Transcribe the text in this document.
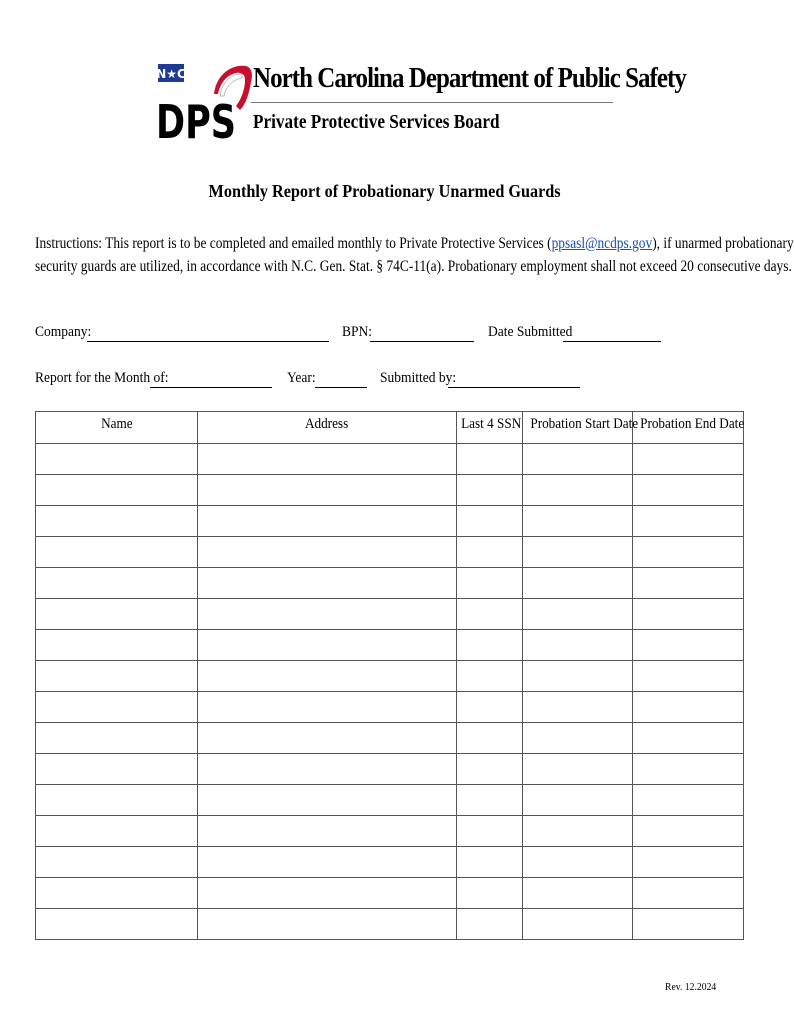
N★C
DPS
North Carolina Department of Public Safety
Private Protective Services Board
Monthly Report of Probationary Unarmed Guards
Instructions: This report is to be completed and emailed monthly to Private Protective Services (ppsasl@ncdps.gov), if unarmed probationary
security guards are utilized, in accordance with N.C. Gen. Stat. § 74C-11(a). Probationary employment shall not exceed 20 consecutive days.
Company:	BPN:	Date Submitted
Report for the Month of:	Year:	Submitted by:
Name	Address	Last 4 SSN	Probation Start Date	Probation End Date

Rev. 12.2024
